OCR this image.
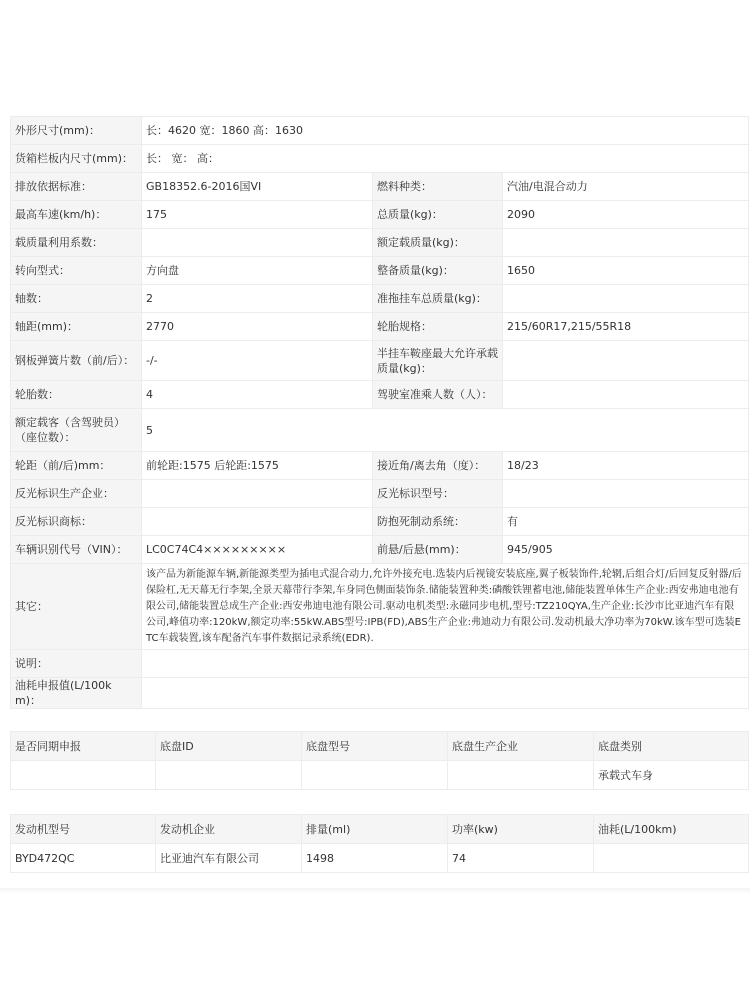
外形尺寸(mm)：	长：4620 宽：1860 高：1630		
货箱栏板内尺寸(mm)：	长： 宽： 高：		
排放依据标准：	GB18352.6-2016国VI	燃料种类：	汽油/电混合动力
最高车速(km/h)：	175	总质量(kg)：	2090
载质量利用系数：		额定载质量(kg)：	
转向型式：	方向盘	整备质量(kg)：	1650
轴数：	2	准拖挂车总质量(kg)：	
轴距(mm)：	2770	轮胎规格：	215/60R17,215/55R18
钢板弹簧片数（前/后）：	-/-	半挂车鞍座最大允许承载质量(kg)：	
轮胎数：	4	驾驶室准乘人数（人）：	
额定载客（含驾驶员）（座位数）：	5		
轮距（前/后)mm：	前轮距:1575 后轮距:1575	接近角/离去角（度）：	18/23
反光标识生产企业：		反光标识型号：	
反光标识商标：		防抱死制动系统：	有
车辆识别代号（VIN）：	LC0C74C4×××××××××	前悬/后悬(mm)：	945/905
其它：	该产品为新能源车辆,新能源类型为插电式混合动力,允许外接充电.选装内后视镜安装底座,翼子板装饰件,轮辋,后组合灯/后回复反射器/后保险杠,无天幕无行李架,全景天幕带行李架,车身同色侧面装饰条.储能装置种类:磷酸铁锂蓄电池,储能装置单体生产企业:西安弗迪电池有限公司,储能装置总成生产企业:西安弗迪电池有限公司.驱动电机类型:永磁同步电机,型号:TZ210QYA,生产企业:长沙市比亚迪汽车有限公司,峰值功率:120kW,额定功率:55kW.ABS型号:IPB(FD),ABS生产企业:弗迪动力有限公司.发动机最大净功率为70kW.该车型可选装ETC车载装置,该车配备汽车事件数据记录系统(EDR).		
说明：			
油耗申报值(L/100km)：			
是否同期申报	底盘ID	底盘型号	底盘生产企业	底盘类别
				承载式车身
发动机型号	发动机企业	排量(ml)	功率(kw)	油耗(L/100km)
BYD472QC	比亚迪汽车有限公司	1498	74	
